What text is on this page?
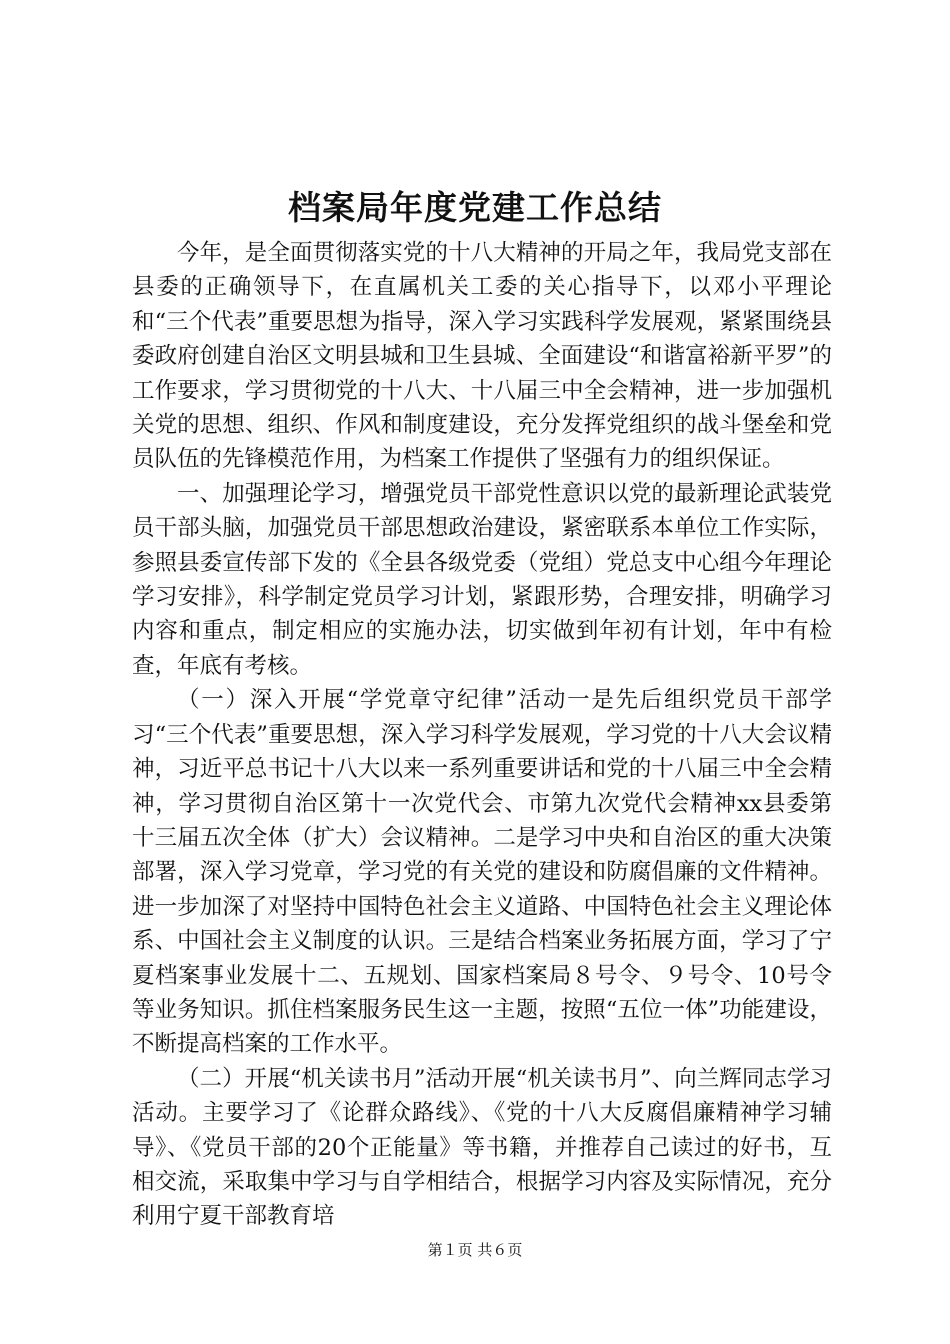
档案局年度党建工作总结

今年，是全面贯彻落实党的十八大精神的开局之年，我局党支部在县委的正确领导下，在直属机关工委的关心指导下，以邓小平理论和“三个代表”重要思想为指导，深入学习实践科学发展观，紧紧围绕县委政府创建自治区文明县城和卫生县城、全面建设“和谐富裕新平罗”的工作要求，学习贯彻党的十八大、十八届三中全会精神，进一步加强机关党的思想、组织、作风和制度建设，充分发挥党组织的战斗堡垒和党员队伍的先锋模范作用，为档案工作提供了坚强有力的组织保证。

一、加强理论学习，增强党员干部党性意识以党的最新理论武装党员干部头脑，加强党员干部思想政治建设，紧密联系本单位工作实际，参照县委宣传部下发的《全县各级党委（党组）党总支中心组今年理论学习安排》，科学制定党员学习计划，紧跟形势，合理安排，明确学习内容和重点，制定相应的实施办法，切实做到年初有计划，年中有检查，年底有考核。

（一）深入开展“学党章守纪律”活动一是先后组织党员干部学习“三个代表”重要思想，深入学习科学发展观，学习党的十八大会议精神，习近平总书记十八大以来一系列重要讲话和党的十八届三中全会精神，学习贯彻自治区第十一次党代会、市第九次党代会精神xx县委第十三届五次全体（扩大）会议精神。二是学习中央和自治区的重大决策部署，深入学习党章，学习党的有关党的建设和防腐倡廉的文件精神。进一步加深了对坚持中国特色社会主义道路、中国特色社会主义理论体系、中国社会主义制度的认识。三是结合档案业务拓展方面，学习了宁夏档案事业发展十二、五规划、国家档案局８号令、９号令、10号令等业务知识。抓住档案服务民生这一主题，按照“五位一体”功能建设，不断提高档案的工作水平。

（二）开展“机关读书月”活动开展“机关读书月”、向兰辉同志学习活动。主要学习了《论群众路线》、《党的十八大反腐倡廉精神学习辅导》、《党员干部的20个正能量》等书籍，并推荐自己读过的好书，互相交流，采取集中学习与自学相结合，根据学习内容及实际情况，充分利用宁夏干部教育培

第１页 共６页
